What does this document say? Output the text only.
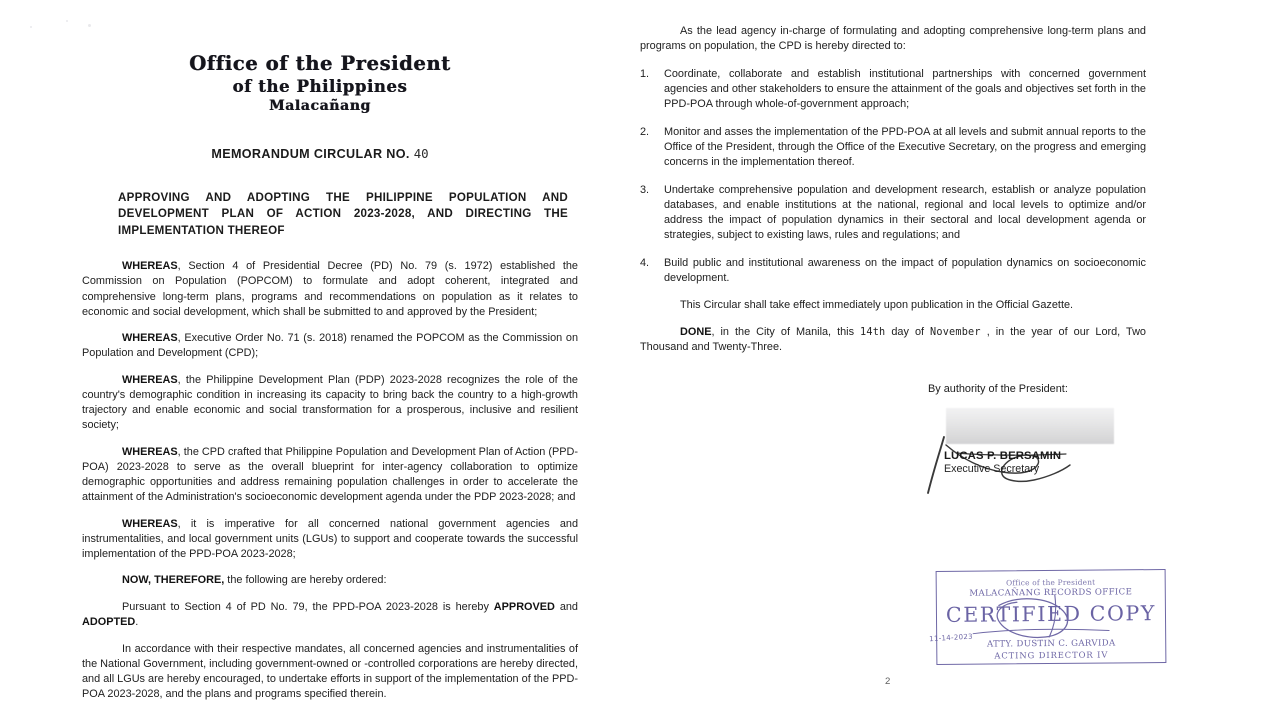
Office of the President
of the Philippines
Malacañang
MEMORANDUM CIRCULAR NO. 40
APPROVING AND ADOPTING THE PHILIPPINE POPULATION AND DEVELOPMENT PLAN OF ACTION 2023-2028, AND DIRECTING THE IMPLEMENTATION THEREOF

WHEREAS, Section 4 of Presidential Decree (PD) No. 79 (s. 1972) established the Commission on Population (POPCOM) to formulate and adopt coherent, integrated and comprehensive long-term plans, programs and recommendations on population as it relates to economic and social development, which shall be submitted to and approved by the President;

WHEREAS, Executive Order No. 71 (s. 2018) renamed the POPCOM as the Commission on Population and Development (CPD);

WHEREAS, the Philippine Development Plan (PDP) 2023-2028 recognizes the role of the country's demographic condition in increasing its capacity to bring back the country to a high-growth trajectory and enable economic and social transformation for a prosperous, inclusive and resilient society;

WHEREAS, the CPD crafted that Philippine Population and Development Plan of Action (PPD-POA) 2023-2028 to serve as the overall blueprint for inter-agency collaboration to optimize demographic opportunities and address remaining population challenges in order to accelerate the attainment of the Administration's socioeconomic development agenda under the PDP 2023-2028; and

WHEREAS, it is imperative for all concerned national government agencies and instrumentalities, and local government units (LGUs) to support and cooperate towards the successful implementation of the PPD-POA 2023-2028;

NOW, THEREFORE, the following are hereby ordered:

Pursuant to Section 4 of PD No. 79, the PPD-POA 2023-2028 is hereby APPROVED and ADOPTED.

In accordance with their respective mandates, all concerned agencies and instrumentalities of the National Government, including government-owned or -controlled corporations are hereby directed, and all LGUs are hereby encouraged, to undertake efforts in support of the implementation of the PPD-POA 2023-2028, and the plans and programs specified therein.

As the lead agency in-charge of formulating and adopting comprehensive long-term plans and programs on population, the CPD is hereby directed to:

1.	Coordinate, collaborate and establish institutional partnerships with concerned government agencies and other stakeholders to ensure the attainment of the goals and objectives set forth in the PPD-POA through whole-of-government approach;
2.	Monitor and asses the implementation of the PPD-POA at all levels and submit annual reports to the Office of the President, through the Office of the Executive Secretary, on the progress and emerging concerns in the implementation thereof.
3.	Undertake comprehensive population and development research, establish or analyze population databases, and enable institutions at the national, regional and local levels to optimize and/or address the impact of population dynamics in their sectoral and local development agenda or strategies, subject to existing laws, rules and regulations; and
4.	Build public and institutional awareness on the impact of population dynamics on socioeconomic development.

This Circular shall take effect immediately upon publication in the Official Gazette.

DONE, in the City of Manila, this 14th day of November , in the year of our Lord, Two Thousand and Twenty-Three.

By authority of the President:
LUCAS P. BERSAMIN
Executive Secretary
Office of the President
MALACAÑANG RECORDS OFFICE
CERTIFIED COPY
ATTY. DUSTIN C. GARVIDA
ACTING DIRECTOR IV
11-14-2023
2
